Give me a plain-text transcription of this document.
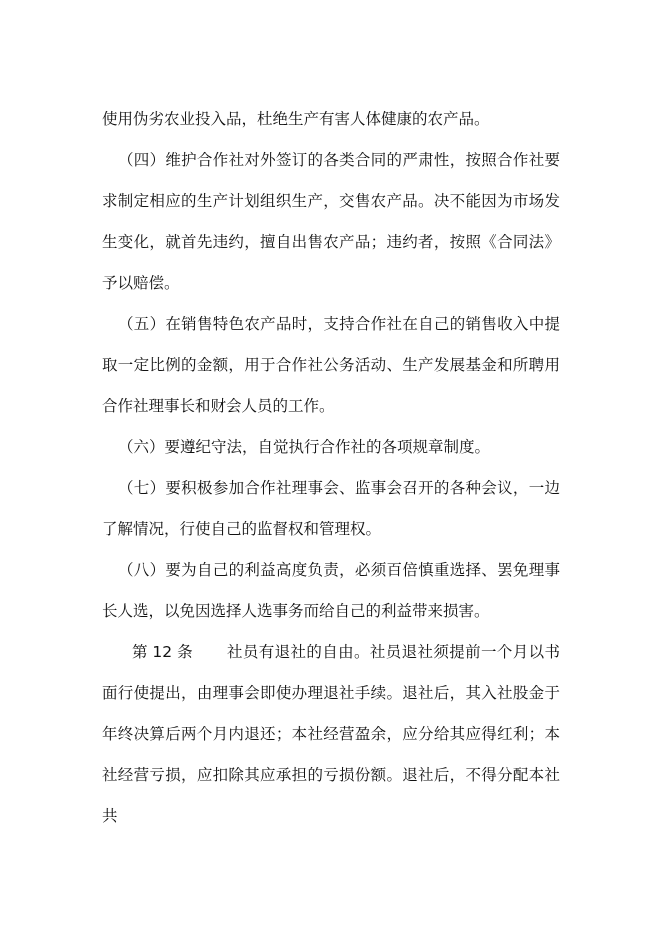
使用伪劣农业投入品，杜绝生产有害人体健康的农产品。

（四）维护合作社对外签订的各类合同的严肃性，按照合作社要求制定相应的生产计划组织生产，交售农产品。决不能因为市场发生变化，就首先违约，擅自出售农产品；违约者，按照《合同法》予以赔偿。

（五）在销售特色农产品时，支持合作社在自己的销售收入中提取一定比例的金额，用于合作社公务活动、生产发展基金和所聘用合作社理事长和财会人员的工作。

（六）要遵纪守法，自觉执行合作社的各项规章制度。

（七）要积极参加合作社理事会、监事会召开的各种会议，一边了解情况，行使自己的监督权和管理权。

（八）要为自己的利益高度负责，必须百倍慎重选择、罢免理事长人选，以免因选择人选事务而给自己的利益带来损害。

第 12 条 社员有退社的自由。社员退社须提前一个月以书面行使提出，由理事会即使办理退社手续。退社后，其入社股金于年终决算后两个月内退还；本社经营盈余，应分给其应得红利；本社经营亏损，应扣除其应承担的亏损份额。退社后，不得分配本社共
